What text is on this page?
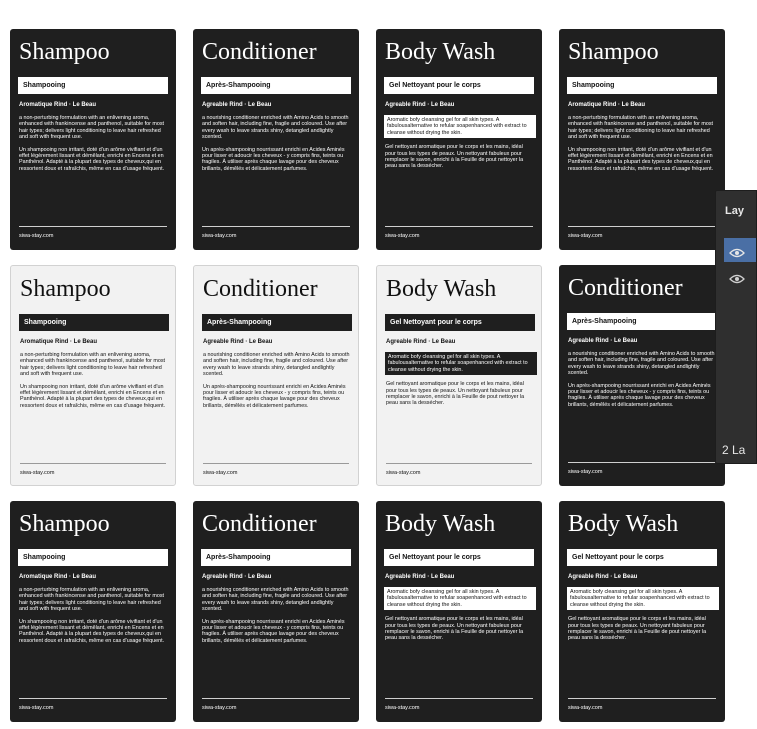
Shampoo
Shampooing
Aromatique Rind · Le Beau

a non-perturbing formulation with an enlivening aroma, enhanced with frankincense and panthenol, suitable for most hair types; delivers light conditioning to leave hair refreshed and soft with frequent use.

Un shampooing non irritant, doté d'un arôme vivifiant et d'un effet légèrement lissant et démêlant, enrichi en Encens et en Panthénol. Adapté à la plupart des types de cheveux,qui en ressortent doux et rafraîchis, même en cas d'usage fréquent.

siwa-stay.com
Conditioner
Après-Shampooing
Agreable Rind · Le Beau

a nourishing conditioner enriched with Amino Acids to smooth and soften hair, including fine, fragile and coloured. Use after every wash to leave strands shiny, detangled andlightly scented.

Un après-shampooing nourrissant enrichi en Acides Aminés pour lisser et adoucir les cheveux - y compris fins, teints ou fragiles. À utiliser après chaque lavage pour des cheveux brillants, démêlés et délicatement parfumes.

siwa-stay.com
Body Wash
Gel Nettoyant pour le corps
Agreable Rind · Le Beau

Aromatic bofy cleansing gel for all skin types. A fabulousalternative to refular soapenhanced with extract to cleanse without drying the skin.

Gel nettoyant aromatique pour le corps et les mains, idéal pour tous les types de peaux. Un nettoyant fabuleux pour remplacer le savon, enrichi à la Feuille de pout nettoyer la peau sans la dessécher.

siwa-stay.com
Shampoo
Shampooing
Aromatique Rind · Le Beau

a non-perturbing formulation with an enlivening aroma, enhanced with frankincense and panthenol, suitable for most hair types; delivers light conditioning to leave hair refreshed and soft with frequent use.

Un shampooing non irritant, doté d'un arôme vivifiant et d'un effet légèrement lissant et démêlant, enrichi en Encens et en Panthénol. Adapté à la plupart des types de cheveux,qui en ressortent doux et rafraîchis, même en cas d'usage fréquent.

siwa-stay.com
Shampoo
Shampooing
Aromatique Rind · Le Beau

a non-perturbing formulation with an enlivening aroma, enhanced with frankincense and panthenol, suitable for most hair types; delivers light conditioning to leave hair refreshed and soft with frequent use.

Un shampooing non irritant, doté d'un arôme vivifiant et d'un effet légèrement lissant et démêlant, enrichi en Encens et en Panthénol. Adapté à la plupart des types de cheveux,qui en ressortent doux et rafraîchis, même en cas d'usage fréquent.

siwa-stay.com
Conditioner
Après-Shampooing
Agreable Rind · Le Beau

a nourishing conditioner enriched with Amino Acids to smooth and soften hair, including fine, fragile and coloured. Use after every wash to leave strands shiny, detangled andlightly scented.

Un après-shampooing nourrissant enrichi en Acides Aminés pour lisser et adoucir les cheveux - y compris fins, teints ou fragiles. À utiliser après chaque lavage pour des cheveux brillants, démêlés et délicatement parfumes.

siwa-stay.com
Body Wash
Gel Nettoyant pour le corps
Agreable Rind · Le Beau

Aromatic bofy cleansing gel for all skin types. A fabulousalternative to refular soapenhanced with extract to cleanse without drying the skin.

Gel nettoyant aromatique pour le corps et les mains, idéal pour tous les types de peaux. Un nettoyant fabuleux pour remplacer le savon, enrichi à la Feuille de pout nettoyer la peau sans la dessécher.

siwa-stay.com
Conditioner
Après-Shampooing
Agreable Rind · Le Beau

a nourishing conditioner enriched with Amino Acids to smooth and soften hair, including fine, fragile and coloured. Use after every wash to leave strands shiny, detangled andlightly scented.

Un après-shampooing nourrissant enrichi en Acides Aminés pour lisser et adoucir les cheveux - y compris fins, teints ou fragiles. À utiliser après chaque lavage pour des cheveux brillants, démêlés et délicatement parfumes.

siwa-stay.com
Shampoo
Shampooing
Aromatique Rind · Le Beau

a non-perturbing formulation with an enlivening aroma, enhanced with frankincense and panthenol, suitable for most hair types; delivers light conditioning to leave hair refreshed and soft with frequent use.

Un shampooing non irritant, doté d'un arôme vivifiant et d'un effet légèrement lissant et démêlant, enrichi en Encens et en Panthénol. Adapté à la plupart des types de cheveux,qui en ressortent doux et rafraîchis, même en cas d'usage fréquent.

siwa-stay.com
Conditioner
Après-Shampooing
Agreable Rind · Le Beau

a nourishing conditioner enriched with Amino Acids to smooth and soften hair, including fine, fragile and coloured. Use after every wash to leave strands shiny, detangled andlightly scented.

Un après-shampooing nourrissant enrichi en Acides Aminés pour lisser et adoucir les cheveux - y compris fins, teints ou fragiles. À utiliser après chaque lavage pour des cheveux brillants, démêlés et délicatement parfumes.

siwa-stay.com
Body Wash
Gel Nettoyant pour le corps
Agreable Rind · Le Beau

Aromatic bofy cleansing gel for all skin types. A fabulousalternative to refular soapenhanced with extract to cleanse without drying the skin.

Gel nettoyant aromatique pour le corps et les mains, idéal pour tous les types de peaux. Un nettoyant fabuleux pour remplacer le savon, enrichi à la Feuille de pout nettoyer la peau sans la dessécher.

siwa-stay.com
Body Wash
Gel Nettoyant pour le corps
Agreable Rind · Le Beau

Aromatic bofy cleansing gel for all skin types. A fabulousalternative to refular soapenhanced with extract to cleanse without drying the skin.

Gel nettoyant aromatique pour le corps et les mains, idéal pour tous les types de peaux. Un nettoyant fabuleux pour remplacer le savon, enrichi à la Feuille de pout nettoyer la peau sans la dessécher.

siwa-stay.com
Lay
2 La
